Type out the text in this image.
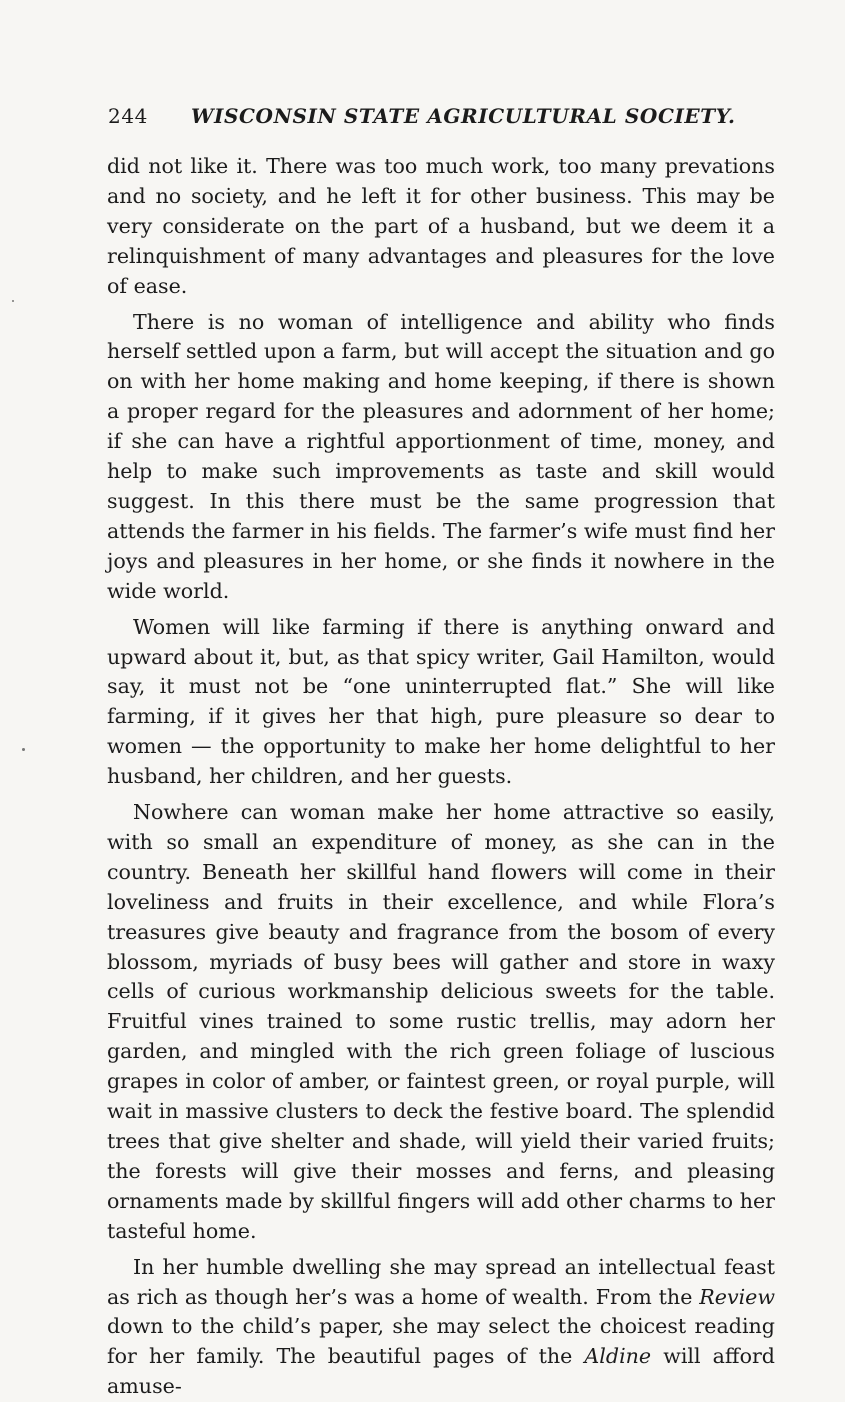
244 WISCONSIN STATE AGRICULTURAL SOCIETY.

did not like it. There was too much work, too many prevations and no society, and he left it for other business. This may be very considerate on the part of a husband, but we deem it a relinquishment of many advantages and pleasures for the love of ease.

There is no woman of intelligence and ability who finds herself settled upon a farm, but will accept the situation and go on with her home making and home keeping, if there is shown a proper regard for the pleasures and adornment of her home; if she can have a rightful apportionment of time, money, and help to make such improvements as taste and skill would suggest. In this there must be the same progression that attends the farmer in his fields. The farmer’s wife must find her joys and pleasures in her home, or she finds it nowhere in the wide world.

Women will like farming if there is anything onward and upward about it, but, as that spicy writer, Gail Hamilton, would say, it must not be “one uninterrupted flat.” She will like farming, if it gives her that high, pure pleasure so dear to women — the opportunity to make her home delightful to her husband, her children, and her guests.

Nowhere can woman make her home attractive so easily, with so small an expenditure of money, as she can in the country. Beneath her skillful hand flowers will come in their loveliness and fruits in their excellence, and while Flora’s treasures give beauty and fragrance from the bosom of every blossom, myriads of busy bees will gather and store in waxy cells of curious workmanship delicious sweets for the table. Fruitful vines trained to some rustic trellis, may adorn her garden, and mingled with the rich green foliage of luscious grapes in color of amber, or faintest green, or royal purple, will wait in massive clusters to deck the festive board. The splendid trees that give shelter and shade, will yield their varied fruits; the forests will give their mosses and ferns, and pleasing ornaments made by skillful fingers will add other charms to her tasteful home.

In her humble dwelling she may spread an intellectual feast as rich as though her’s was a home of wealth. From the Review down to the child’s paper, she may select the choicest reading for her family. The beautiful pages of the Aldine will afford amuse-
